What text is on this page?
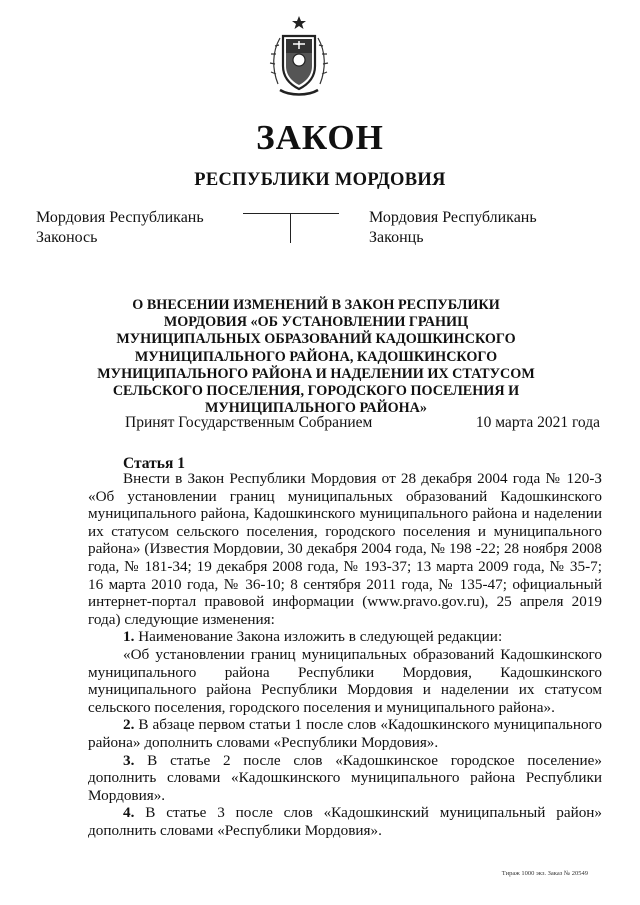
ЗАКОН
РЕСПУБЛИКИ МОРДОВИЯ
Мордовия Республикань
Законось
Мордовия Республикань
Законць
О ВНЕСЕНИИ ИЗМЕНЕНИЙ В ЗАКОН РЕСПУБЛИКИ МОРДОВИЯ «ОБ УСТАНОВЛЕНИИ ГРАНИЦ МУНИЦИПАЛЬНЫХ ОБРАЗОВАНИЙ КАДОШКИНСКОГО МУНИЦИПАЛЬНОГО РАЙОНА, КАДОШКИНСКОГО МУНИЦИПАЛЬНОГО РАЙОНА И НАДЕЛЕНИИ ИХ СТАТУСОМ СЕЛЬСКОГО ПОСЕЛЕНИЯ, ГОРОДСКОГО ПОСЕЛЕНИЯ И МУНИЦИПАЛЬНОГО РАЙОНА»
Принят Государственным Собранием	10 марта 2021 года
Статья 1

Внести в Закон Республики Мордовия от 28 декабря 2004 года № 120-З «Об установлении границ муниципальных образований Кадошкинского муниципального района, Кадошкинского муниципального района и наделении их статусом сельского поселения, городского поселения и муниципального района» (Известия Мордовии, 30 декабря 2004 года, № 198 -22; 28 ноября 2008 года, № 181-34; 19 декабря 2008 года, № 193-37; 13 марта 2009 года, № 35-7; 16 марта 2010 года, № 36-10; 8 сентября 2011 года, № 135-47; официальный интернет-портал правовой информации (www.pravo.gov.ru), 25 апреля 2019 года) следующие изменения:

1. Наименование Закона изложить в следующей редакции:

«Об установлении границ муниципальных образований Кадошкинского муниципального района Республики Мордовия, Кадошкинского муниципального района Республики Мордовия и наделении их статусом сельского поселения, городского поселения и муниципального района».

2. В абзаце первом статьи 1 после слов «Кадошкинского муниципального района» дополнить словами «Республики Мордовия».

3. В статье 2 после слов «Кадошкинское городское поселение» дополнить словами «Кадошкинского муниципального района Республики Мордовия».

4. В статье 3 после слов «Кадошкинский муниципальный район» дополнить словами «Республики Мордовия».

Тираж 1000 экз. Заказ № 20549
